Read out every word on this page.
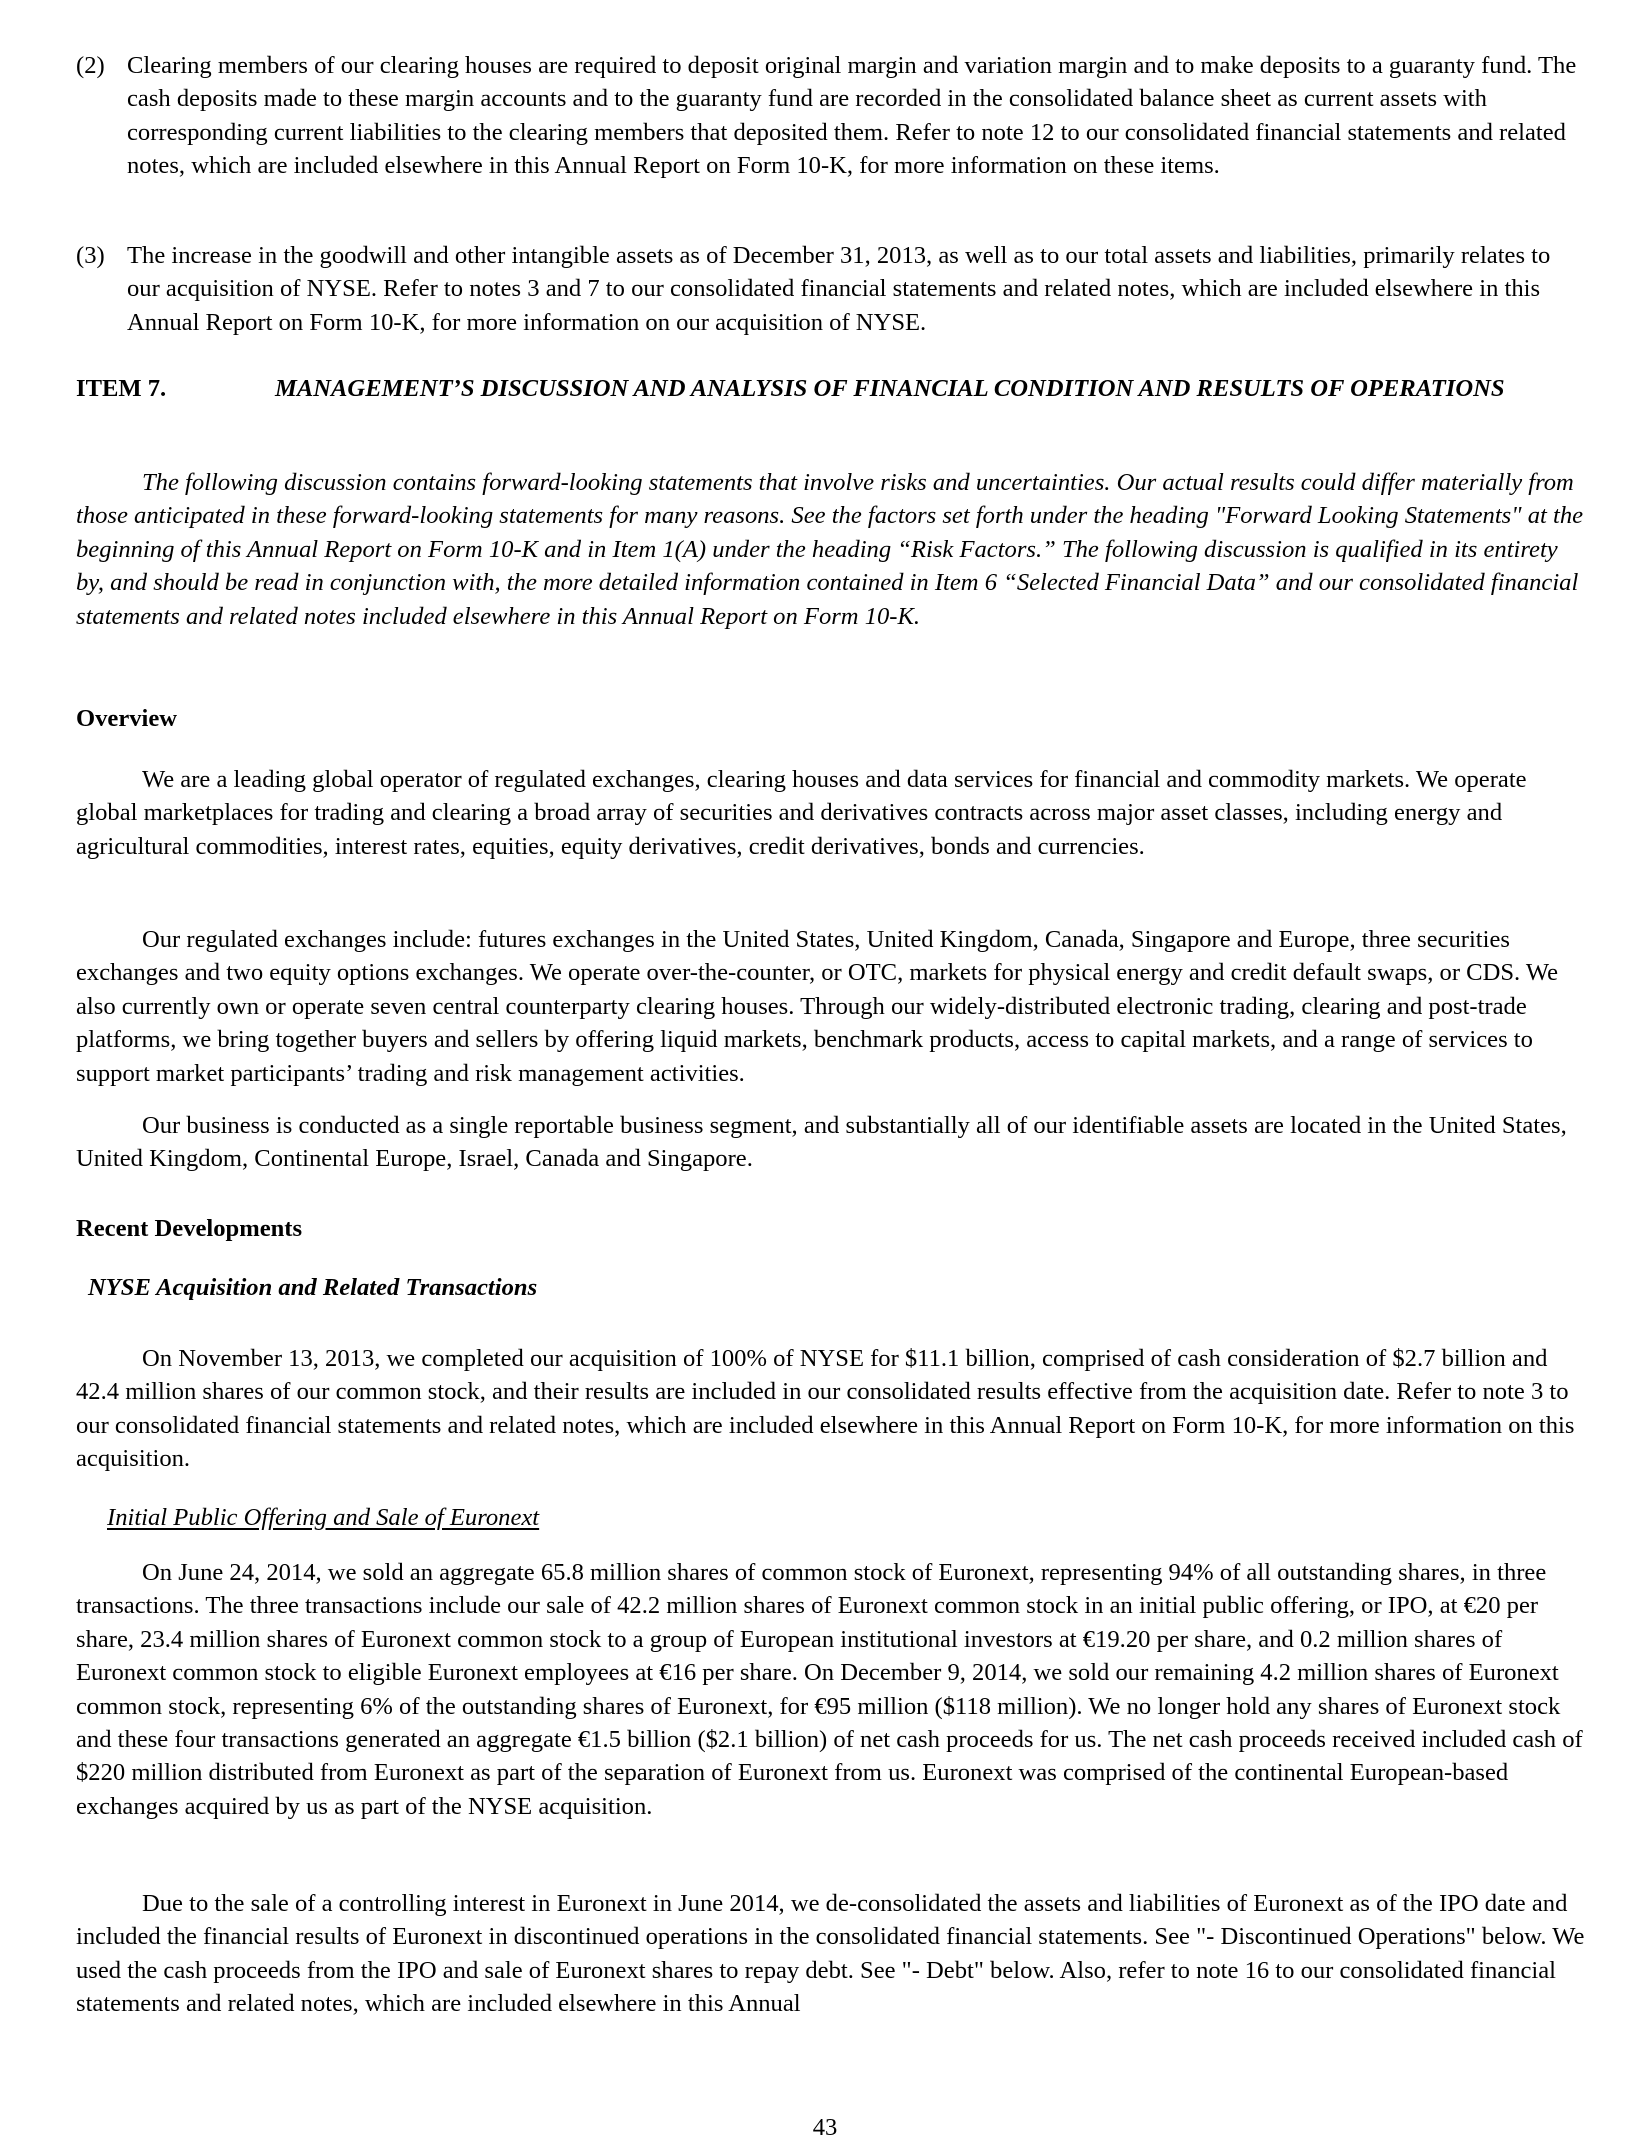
(2) Clearing members of our clearing houses are required to deposit original margin and variation margin and to make deposits to a guaranty fund. The cash deposits made to these margin accounts and to the guaranty fund are recorded in the consolidated balance sheet as current assets with corresponding current liabilities to the clearing members that deposited them. Refer to note 12 to our consolidated financial statements and related notes, which are included elsewhere in this Annual Report on Form 10-K, for more information on these items.
(3) The increase in the goodwill and other intangible assets as of December 31, 2013, as well as to our total assets and liabilities, primarily relates to our acquisition of NYSE. Refer to notes 3 and 7 to our consolidated financial statements and related notes, which are included elsewhere in this Annual Report on Form 10-K, for more information on our acquisition of NYSE.
ITEM 7.	MANAGEMENT’S DISCUSSION AND ANALYSIS OF FINANCIAL CONDITION AND RESULTS OF OPERATIONS

The following discussion contains forward-looking statements that involve risks and uncertainties. Our actual results could differ materially from those anticipated in these forward-looking statements for many reasons. See the factors set forth under the heading "Forward Looking Statements" at the beginning of this Annual Report on Form 10-K and in Item 1(A) under the heading “Risk Factors.” The following discussion is qualified in its entirety by, and should be read in conjunction with, the more detailed information contained in Item 6 “Selected Financial Data” and our consolidated financial statements and related notes included elsewhere in this Annual Report on Form 10-K.

Overview

We are a leading global operator of regulated exchanges, clearing houses and data services for financial and commodity markets. We operate global marketplaces for trading and clearing a broad array of securities and derivatives contracts across major asset classes, including energy and agricultural commodities, interest rates, equities, equity derivatives, credit derivatives, bonds and currencies.

Our regulated exchanges include: futures exchanges in the United States, United Kingdom, Canada, Singapore and Europe, three securities exchanges and two equity options exchanges. We operate over-the-counter, or OTC, markets for physical energy and credit default swaps, or CDS. We also currently own or operate seven central counterparty clearing houses. Through our widely-distributed electronic trading, clearing and post-trade platforms, we bring together buyers and sellers by offering liquid markets, benchmark products, access to capital markets, and a range of services to support market participants’ trading and risk management activities.

Our business is conducted as a single reportable business segment, and substantially all of our identifiable assets are located in the United States, United Kingdom, Continental Europe, Israel, Canada and Singapore.

Recent Developments
NYSE Acquisition and Related Transactions

On November 13, 2013, we completed our acquisition of 100% of NYSE for $11.1 billion, comprised of cash consideration of $2.7 billion and 42.4 million shares of our common stock, and their results are included in our consolidated results effective from the acquisition date. Refer to note 3 to our consolidated financial statements and related notes, which are included elsewhere in this Annual Report on Form 10-K, for more information on this acquisition.

Initial Public Offering and Sale of Euronext

On June 24, 2014, we sold an aggregate 65.8 million shares of common stock of Euronext, representing 94% of all outstanding shares, in three transactions. The three transactions include our sale of 42.2 million shares of Euronext common stock in an initial public offering, or IPO, at €20 per share, 23.4 million shares of Euronext common stock to a group of European institutional investors at €19.20 per share, and 0.2 million shares of Euronext common stock to eligible Euronext employees at €16 per share. On December 9, 2014, we sold our remaining 4.2 million shares of Euronext common stock, representing 6% of the outstanding shares of Euronext, for €95 million ($118 million). We no longer hold any shares of Euronext stock and these four transactions generated an aggregate €1.5 billion ($2.1 billion) of net cash proceeds for us. The net cash proceeds received included cash of $220 million distributed from Euronext as part of the separation of Euronext from us. Euronext was comprised of the continental European-based exchanges acquired by us as part of the NYSE acquisition.

Due to the sale of a controlling interest in Euronext in June 2014, we de-consolidated the assets and liabilities of Euronext as of the IPO date and included the financial results of Euronext in discontinued operations in the consolidated financial statements. See "- Discontinued Operations" below. We used the cash proceeds from the IPO and sale of Euronext shares to repay debt. See "- Debt" below. Also, refer to note 16 to our consolidated financial statements and related notes, which are included elsewhere in this Annual

43
